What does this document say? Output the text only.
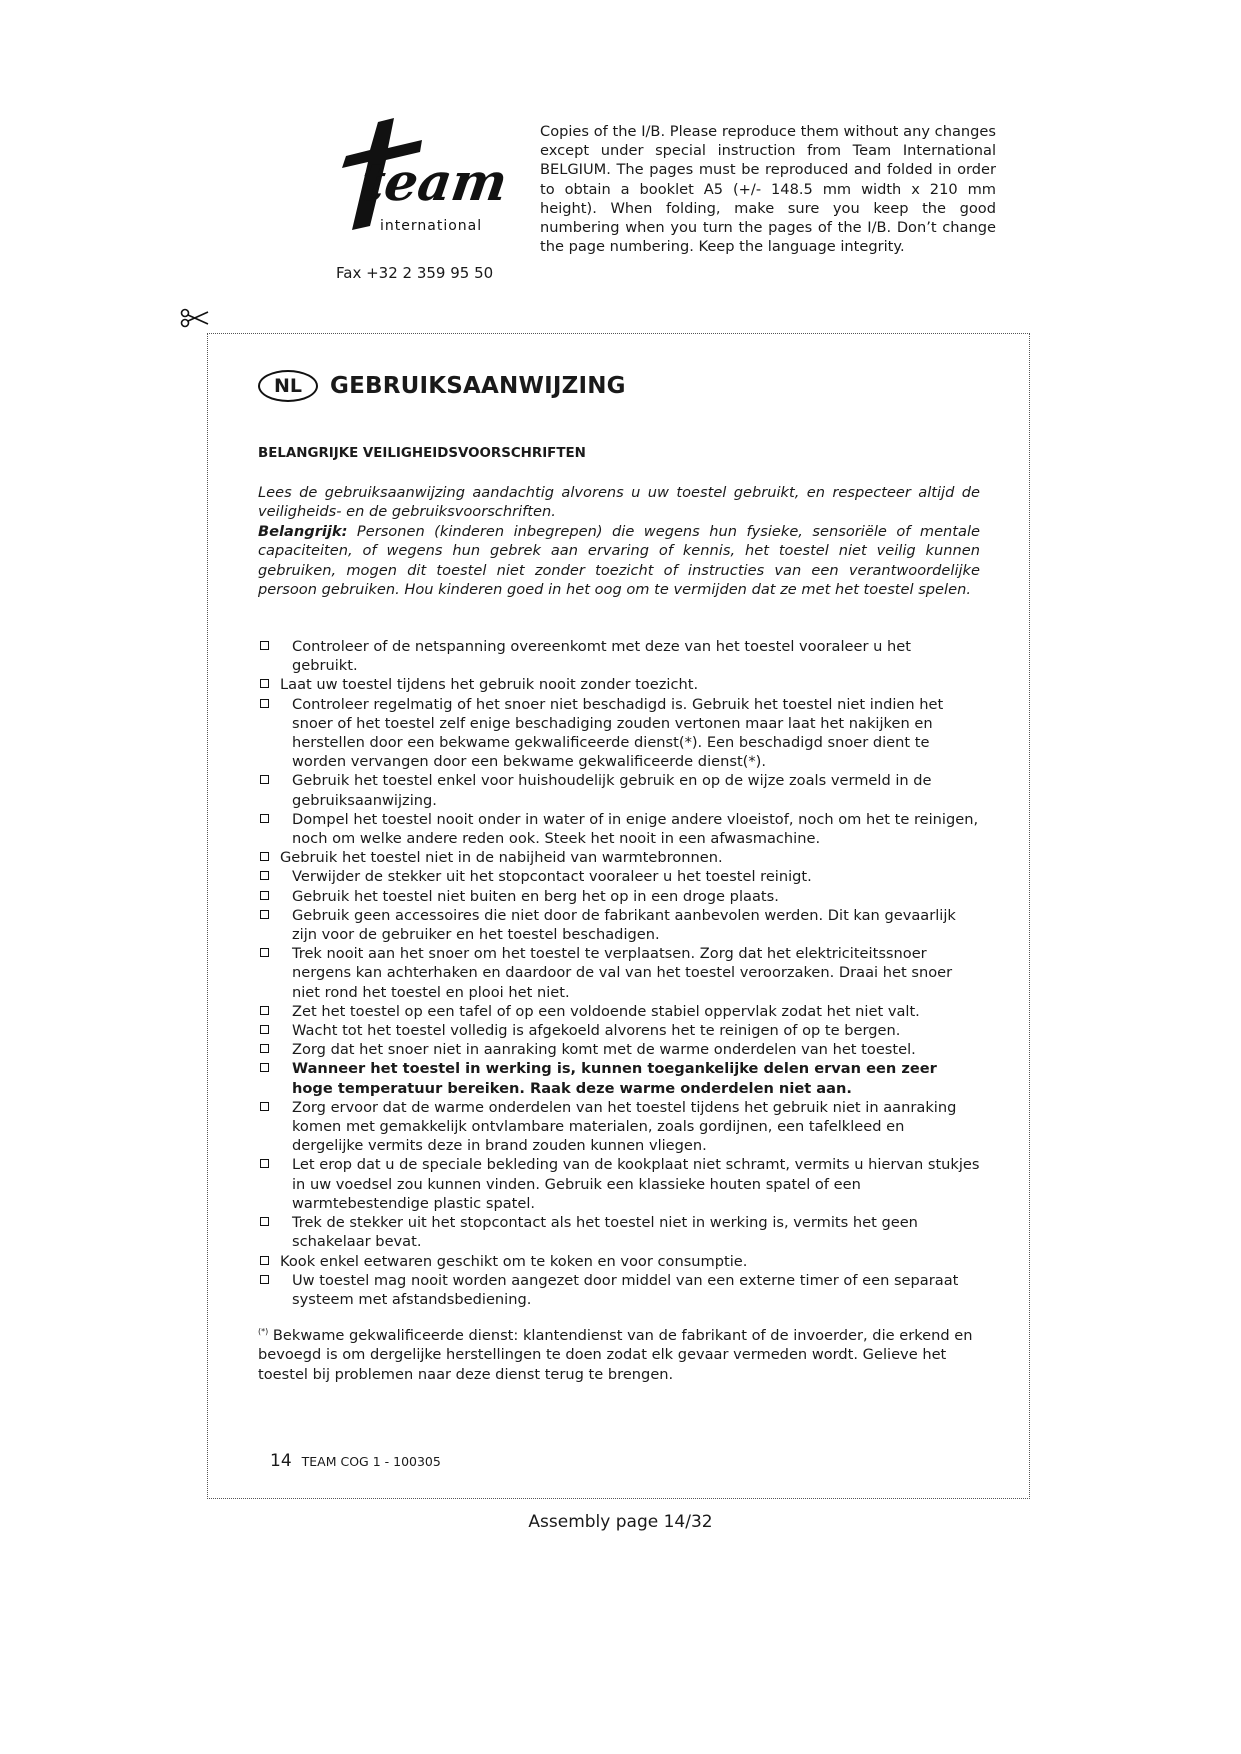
team
international
Fax +32 2 359 95 50
Copies of the I/B. Please reproduce them without any changes except under special instruction from Team International BELGIUM. The pages must be reproduced and folded in order to obtain a booklet A5 (+/- 148.5 mm width x 210 mm height). When folding, make sure you keep the good numbering when you turn the pages of the I/B. Don’t change the page numbering. Keep the language integrity.
NL	GEBRUIKSAANWIJZING
BELANGRIJKE VEILIGHEIDSVOORSCHRIFTEN

Lees de gebruiksaanwijzing aandachtig alvorens u uw toestel gebruikt, en respecteer altijd de veiligheids- en de gebruiksvoorschriften.

Belangrijk: Personen (kinderen inbegrepen) die wegens hun fysieke, sensoriële of mentale capaciteiten, of wegens hun gebrek aan ervaring of kennis, het toestel niet veilig kunnen gebruiken, mogen dit toestel niet zonder toezicht of instructies van een verantwoordelijke persoon gebruiken. Hou kinderen goed in het oog om te vermijden dat ze met het toestel spelen.

Controleer of de netspanning overeenkomt met deze van het toestel vooraleer u het gebruikt.
Laat uw toestel tijdens het gebruik nooit zonder toezicht.
Controleer regelmatig of het snoer niet beschadigd is. Gebruik het toestel niet indien het snoer of het toestel zelf enige beschadiging zouden vertonen maar laat het nakijken en herstellen door een bekwame gekwalificeerde dienst(*). Een beschadigd snoer dient te worden vervangen door een bekwame gekwalificeerde dienst(*).
Gebruik het toestel enkel voor huishoudelijk gebruik en op de wijze zoals vermeld in de gebruiksaanwijzing.
Dompel het toestel nooit onder in water of in enige andere vloeistof, noch om het te reinigen, noch om welke andere reden ook. Steek het nooit in een afwasmachine.
Gebruik het toestel niet in de nabijheid van warmtebronnen.
Verwijder de stekker uit het stopcontact vooraleer u het toestel reinigt.
Gebruik het toestel niet buiten en berg het op in een droge plaats.
Gebruik geen accessoires die niet door de fabrikant aanbevolen werden. Dit kan gevaarlijk zijn voor de gebruiker en het toestel beschadigen.
Trek nooit aan het snoer om het toestel te verplaatsen. Zorg dat het elektriciteitssnoer nergens kan achterhaken en daardoor de val van het toestel veroorzaken. Draai het snoer niet rond het toestel en plooi het niet.
Zet het toestel op een tafel of op een voldoende stabiel oppervlak zodat het niet valt.
Wacht tot het toestel volledig is afgekoeld alvorens het te reinigen of op te bergen.
Zorg dat het snoer niet in aanraking komt met de warme onderdelen van het toestel.
Wanneer het toestel in werking is, kunnen toegankelijke delen ervan een zeer hoge temperatuur bereiken. Raak deze warme onderdelen niet aan.
Zorg ervoor dat de warme onderdelen van het toestel tijdens het gebruik niet in aanraking komen met gemakkelijk ontvlambare materialen, zoals gordijnen, een tafelkleed en dergelijke vermits deze in brand zouden kunnen vliegen.
Let erop dat u de speciale bekleding van de kookplaat niet schramt, vermits u hiervan stukjes in uw voedsel zou kunnen vinden. Gebruik een klassieke houten spatel of een warmtebestendige plastic spatel.
Trek de stekker uit het stopcontact als het toestel niet in werking is, vermits het geen schakelaar bevat.
Kook enkel eetwaren geschikt om te koken en voor consumptie.
Uw toestel mag nooit worden aangezet door middel van een externe timer of een separaat systeem met afstandsbediening.
(*) Bekwame gekwalificeerde dienst: klantendienst van de fabrikant of de invoerder, die erkend en bevoegd is om dergelijke herstellingen te doen zodat elk gevaar vermeden wordt. Gelieve het toestel bij problemen naar deze dienst terug te brengen.
14 TEAM COG 1 - 100305
Assembly page 14/32
